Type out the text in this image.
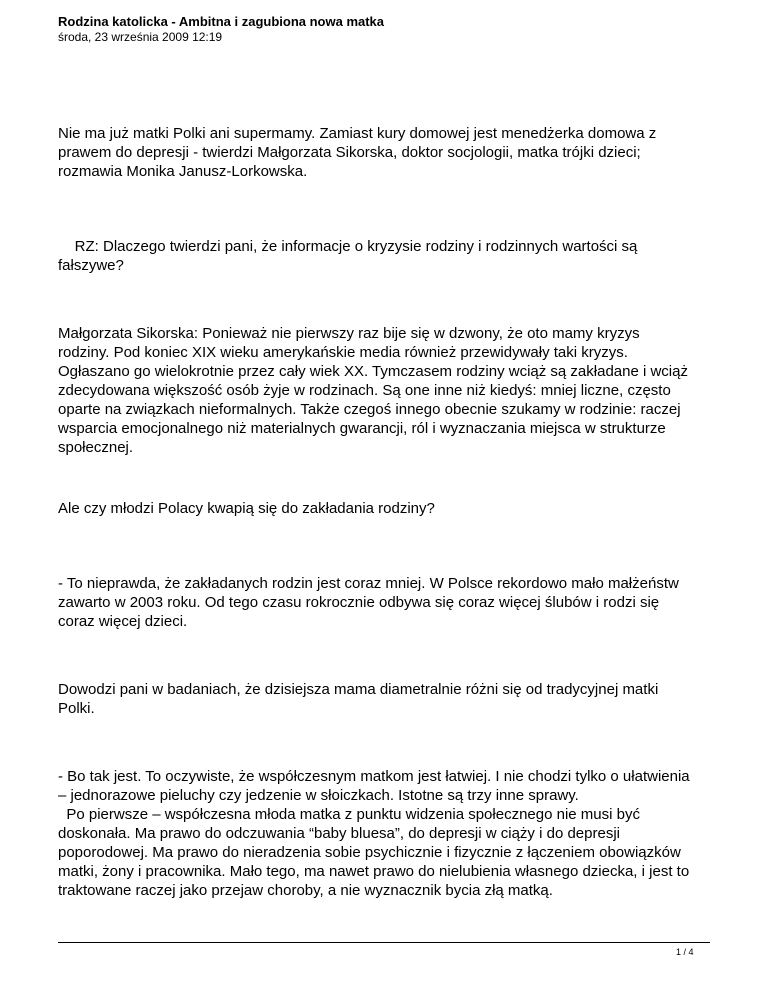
Rodzina katolicka - Ambitna i zagubiona nowa matka
środa, 23 września 2009 12:19

Nie ma już matki Polki ani supermamy. Zamiast kury domowej jest menedżerka domowa z
prawem do depresji - twierdzi Małgorzata Sikorska, doktor socjologii, matka trójki dzieci;
rozmawia Monika Janusz-Lorkowska.

RZ: Dlaczego twierdzi pani, że informacje o kryzysie rodziny i rodzinnych wartości są
fałszywe?

Małgorzata Sikorska: Ponieważ nie pierwszy raz bije się w dzwony, że oto mamy kryzys
rodziny. Pod koniec XIX wieku amerykańskie media również przewidywały taki kryzys.
Ogłaszano go wielokrotnie przez cały wiek XX. Tymczasem rodziny wciąż są zakładane i wciąż
zdecydowana większość osób żyje w rodzinach. Są one inne niż kiedyś: mniej liczne, często
oparte na związkach nieformalnych. Także czegoś innego obecnie szukamy w rodzinie: raczej
wsparcia emocjonalnego niż materialnych gwarancji, ról i wyznaczania miejsca w strukturze
społecznej.

Ale czy młodzi Polacy kwapią się do zakładania rodziny?

- To nieprawda, że zakładanych rodzin jest coraz mniej. W Polsce rekordowo mało małżeństw
zawarto w 2003 roku. Od tego czasu rokrocznie odbywa się coraz więcej ślubów i rodzi się
coraz więcej dzieci.

Dowodzi pani w badaniach, że dzisiejsza mama diametralnie różni się od tradycyjnej matki
Polki.

- Bo tak jest. To oczywiste, że współczesnym matkom jest łatwiej. I nie chodzi tylko o ułatwienia
– jednorazowe pieluchy czy jedzenie w słoiczkach. Istotne są trzy inne sprawy.
Po pierwsze – współczesna młoda matka z punktu widzenia społecznego nie musi być
doskonała. Ma prawo do odczuwania “baby bluesa”, do depresji w ciąży i do depresji
poporodowej. Ma prawo do nieradzenia sobie psychicznie i fizycznie z łączeniem obowiązków
matki, żony i pracownika. Mało tego, ma nawet prawo do nielubienia własnego dziecka, i jest to
traktowane raczej jako przejaw choroby, a nie wyznacznik bycia złą matką.

1 / 4
